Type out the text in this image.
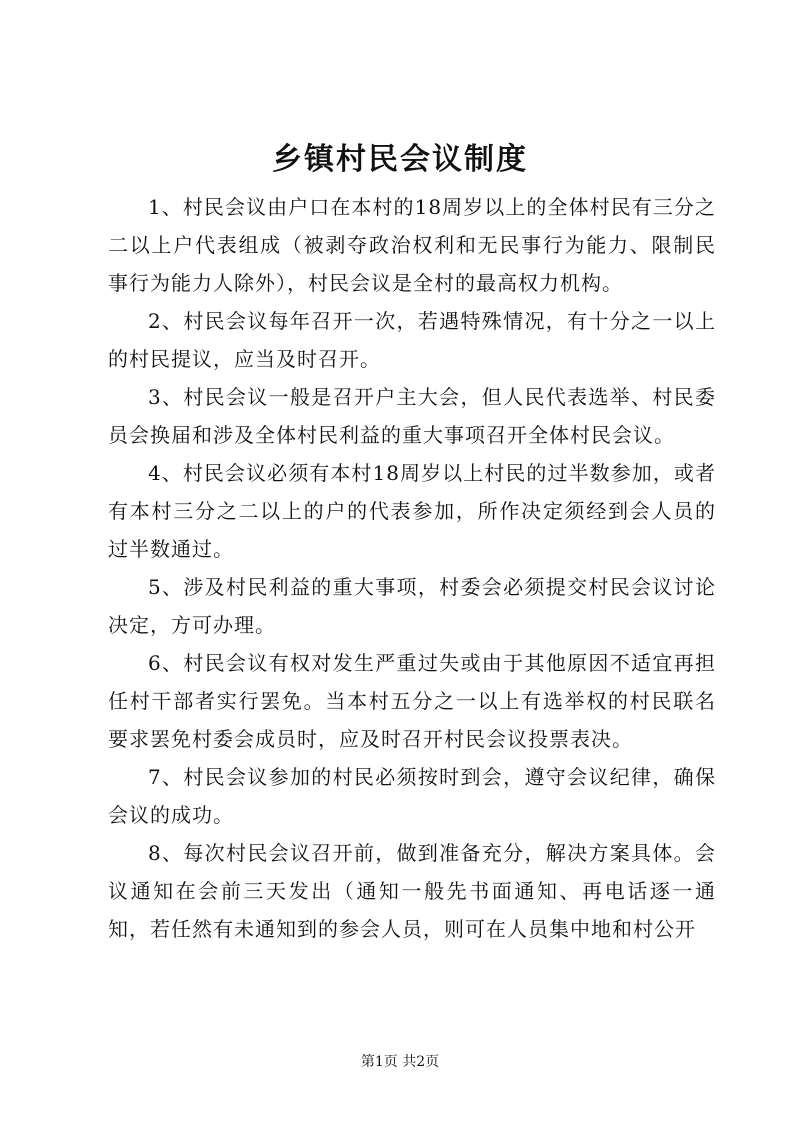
乡镇村民会议制度

1、村民会议由户口在本村的18周岁以上的全体村民有三分之二以上户代表组成（被剥夺政治权利和无民事行为能力、限制民事行为能力人除外），村民会议是全村的最高权力机构。

2、村民会议每年召开一次，若遇特殊情况，有十分之一以上的村民提议，应当及时召开。

3、村民会议一般是召开户主大会，但人民代表选举、村民委员会换届和涉及全体村民利益的重大事项召开全体村民会议。

4、村民会议必须有本村18周岁以上村民的过半数参加，或者有本村三分之二以上的户的代表参加，所作决定须经到会人员的过半数通过。

5、涉及村民利益的重大事项，村委会必须提交村民会议讨论决定，方可办理。

6、村民会议有权对发生严重过失或由于其他原因不适宜再担任村干部者实行罢免。当本村五分之一以上有选举权的村民联名要求罢免村委会成员时，应及时召开村民会议投票表决。

7、村民会议参加的村民必须按时到会，遵守会议纪律，确保会议的成功。

8、每次村民会议召开前，做到准备充分，解决方案具体。会议通知在会前三天发出（通知一般先书面通知、再电话逐一通知，若任然有未通知到的参会人员，则可在人员集中地和村公开

第1页 共2页
